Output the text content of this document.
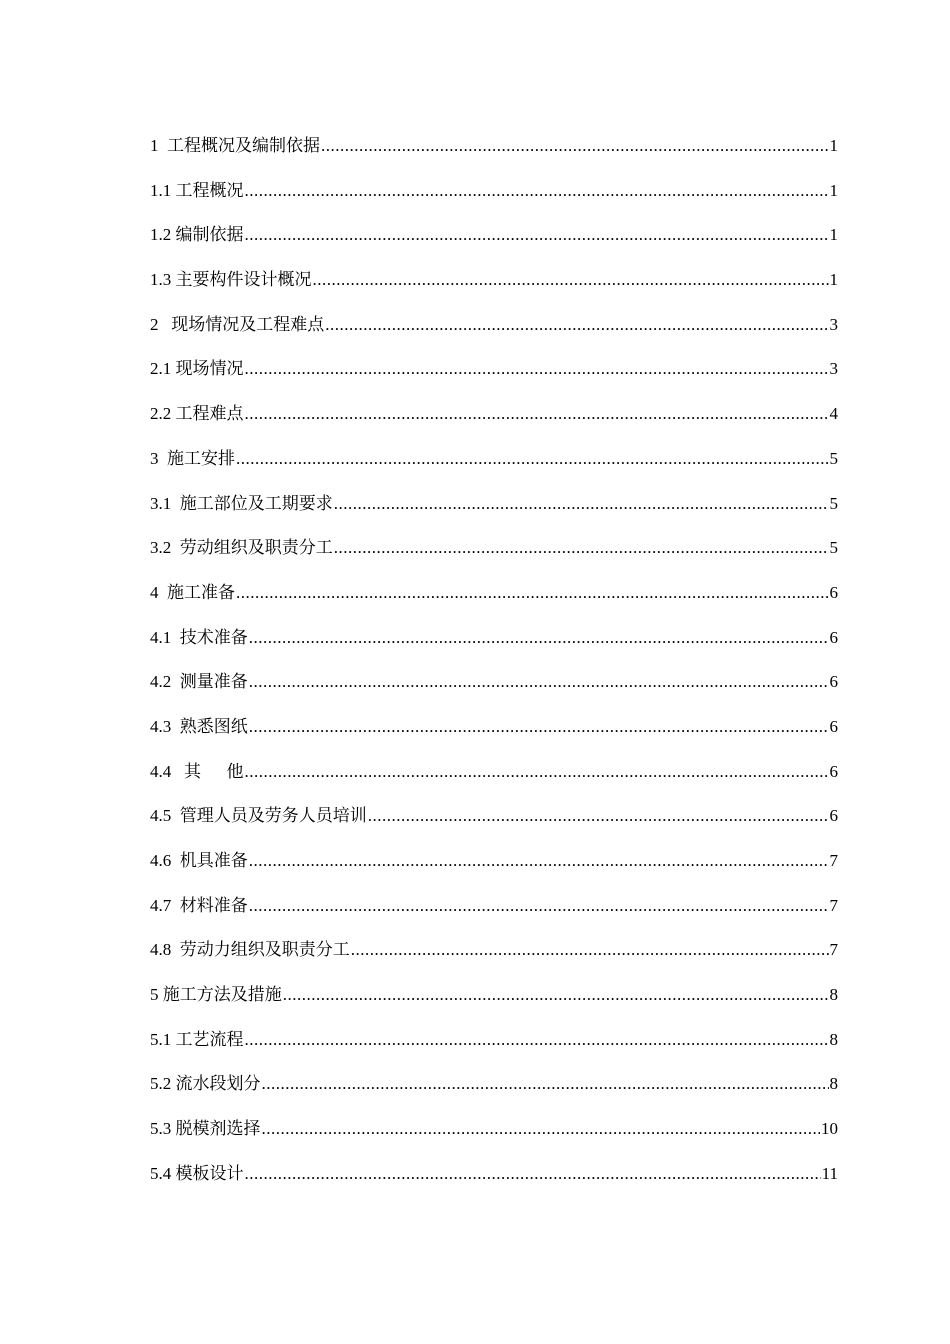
1  工程概况及编制依据 .....	1
1.1 工程概况 .....	1
1.2 编制依据 .....	1
1.3 主要构件设计概况 .....	1
2   现场情况及工程难点 .....	3
2.1 现场情况 .....	3
2.2 工程难点 .....	4
3  施工安排 .....	5
3.1  施工部位及工期要求 .....	5
3.2  劳动组织及职责分工 .....	5
4  施工准备 .....	6
4.1  技术准备 .....	6
4.2  测量准备 .....	6
4.3  熟悉图纸 .....	6
4.4   其      他 .....	6
4.5  管理人员及劳务人员培训 .....	6
4.6  机具准备 .....	7
4.7  材料准备 .....	7
4.8  劳动力组织及职责分工 .....	7
5 施工方法及措施 .....	8
5.1 工艺流程 .....	8
5.2 流水段划分 .....	8
5.3 脱模剂选择 .....	10
5.4 模板设计 .....	11
